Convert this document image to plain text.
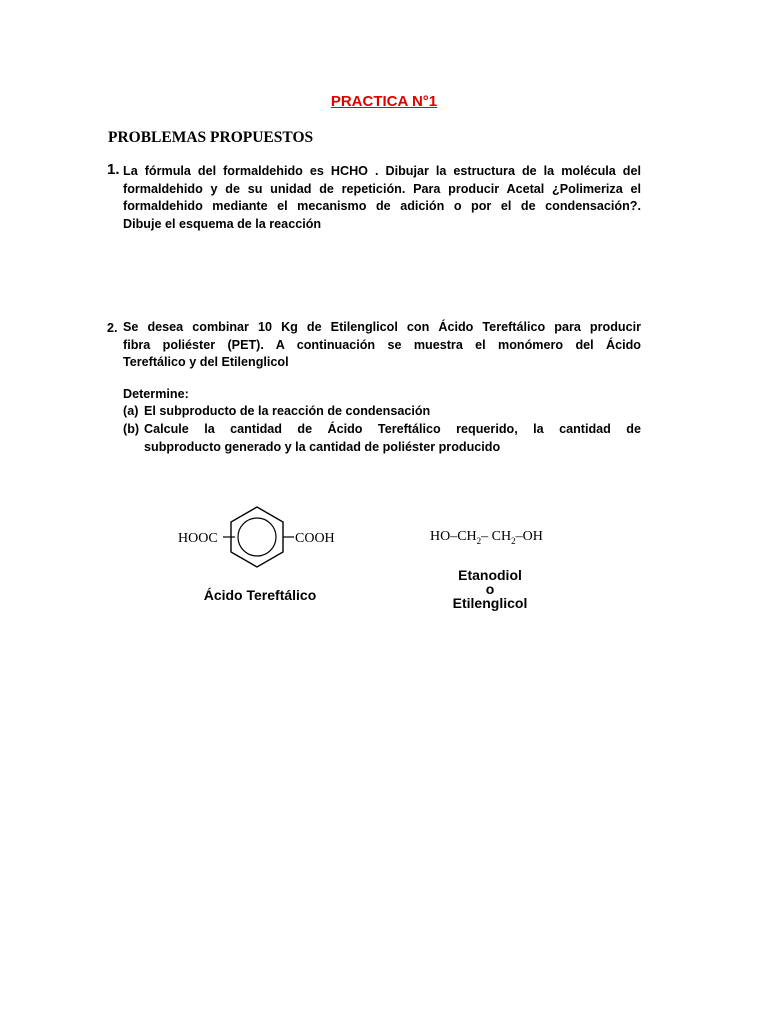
PRACTICA N°1
PROBLEMAS PROPUESTOS
1. La fórmula del formaldehido es HCHO . Dibujar la estructura de la molécula del
formaldehido y de su unidad de repetición. Para producir Acetal ¿Polimeriza el
formaldehido mediante el mecanismo de adición o por el de condensación?.
Dibuje el esquema de la reacción
2. Se desea combinar 10 Kg de Etilenglicol con Ácido Tereftálico para producir
fibra poliéster (PET). A continuación se muestra el monómero del Ácido
Tereftálico y del Etilenglicol
Determine:
(a) El subproducto de la reacción de condensación
(b) Calcule la cantidad de Ácido Tereftálico requerido, la cantidad de
subproducto generado y la cantidad de poliéster producido
HOOC	COOH
Ácido Tereftálico
$HO-CH_2-$ $CH_2-OH$
Etanodiol
o
Etilenglicol
